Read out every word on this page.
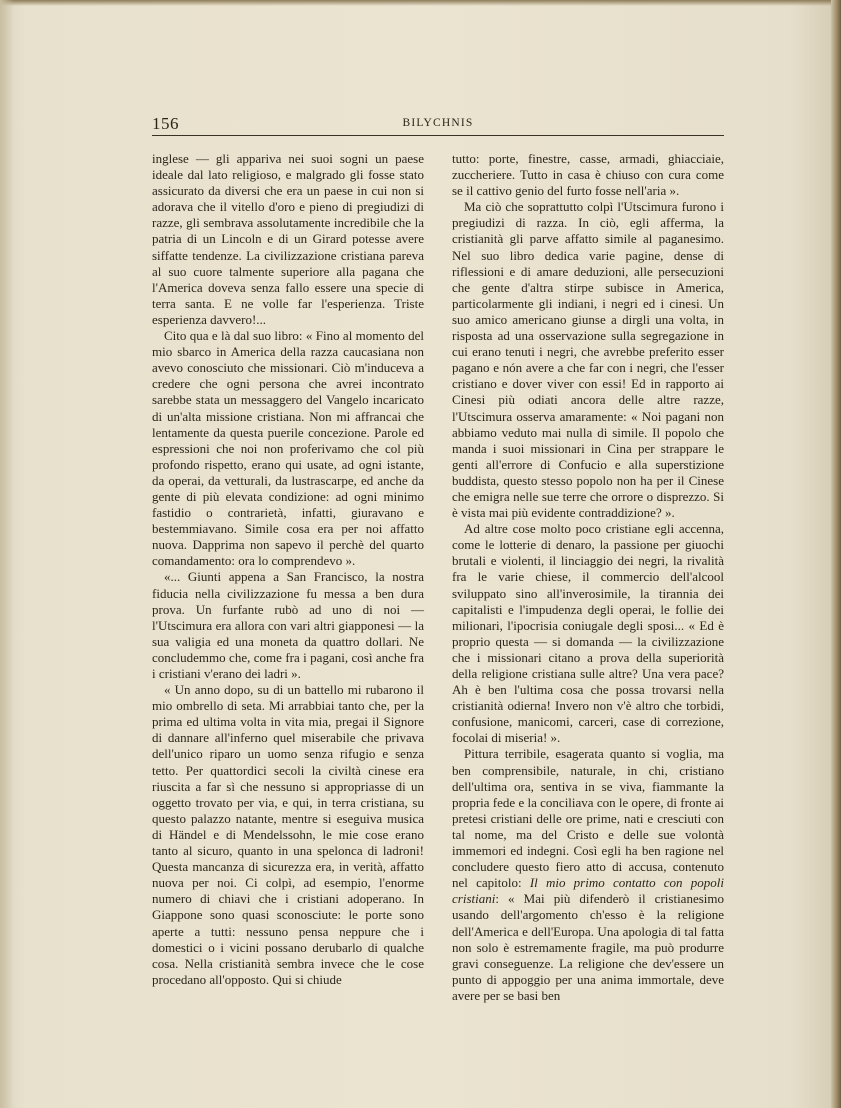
156	BILYCHNIS

inglese — gli appariva nei suoi sogni un paese ideale dal lato religioso, e malgrado gli fosse stato assicurato da diversi che era un paese in cui non si adorava che il vitello d'oro e pieno di pregiudizi di razze, gli sembrava assolutamente incredibile che la patria di un Lincoln e di un Girard potesse avere siffatte tendenze. La civilizzazione cristiana pareva al suo cuore talmente superiore alla pagana che l'America doveva senza fallo essere una specie di terra santa. E ne volle far l'esperienza. Triste esperienza davvero!...

Cito qua e là dal suo libro: « Fino al momento del mio sbarco in America della razza caucasiana non avevo conosciuto che missionari. Ciò m'induceva a credere che ogni persona che avrei incontrato sarebbe stata un messaggero del Vangelo incaricato di un'alta missione cristiana. Non mi affrancai che lentamente da questa puerile concezione. Parole ed espressioni che noi non proferivamo che col più profondo rispetto, erano qui usate, ad ogni istante, da operai, da vetturali, da lustrascarpe, ed anche da gente di più elevata condizione: ad ogni minimo fastidio o contrarietà, infatti, giuravano e bestemmiavano. Simile cosa era per noi affatto nuova. Dapprima non sapevo il perchè del quarto comandamento: ora lo comprendevo ».

«... Giunti appena a San Francisco, la nostra fiducia nella civilizzazione fu messa a ben dura prova. Un furfante rubò ad uno di noi — l'Utscimura era allora con vari altri giapponesi — la sua valigia ed una moneta da quattro dollari. Ne concludemmo che, come fra i pagani, così anche fra i cristiani v'erano dei ladri ».

« Un anno dopo, su di un battello mi rubarono il mio ombrello di seta. Mi arrabbiai tanto che, per la prima ed ultima volta in vita mia, pregai il Signore di dannare all'inferno quel miserabile che privava dell'unico riparo un uomo senza rifugio e senza tetto. Per quattordici secoli la civiltà cinese era riuscita a far sì che nessuno si appropriasse di un oggetto trovato per via, e qui, in terra cristiana, su questo palazzo natante, mentre si eseguiva musica di Händel e di Mendelssohn, le mie cose erano tanto al sicuro, quanto in una spelonca di ladroni! Questa mancanza di sicurezza era, in verità, affatto nuova per noi. Ci colpì, ad esempio, l'enorme numero di chiavi che i cristiani adoperano. In Giappone sono quasi sconosciute: le porte sono aperte a tutti: nessuno pensa neppure che i domestici o i vicini possano derubarlo di qualche cosa. Nella cristianità sembra invece che le cose procedano all'opposto. Qui si chiude

tutto: porte, finestre, casse, armadi, ghiacciaie, zuccheriere. Tutto in casa è chiuso con cura come se il cattivo genio del furto fosse nell'aria ».

Ma ciò che soprattutto colpì l'Utscimura furono i pregiudizi di razza. In ciò, egli afferma, la cristianità gli parve affatto simile al paganesimo. Nel suo libro dedica varie pagine, dense di riflessioni e di amare deduzioni, alle persecuzioni che gente d'altra stirpe subisce in America, particolarmente gli indiani, i negri ed i cinesi. Un suo amico americano giunse a dirgli una volta, in risposta ad una osservazione sulla segregazione in cui erano tenuti i negri, che avrebbe preferito esser pagano e nón avere a che far con i negri, che l'esser cristiano e dover viver con essi! Ed in rapporto ai Cinesi più odiati ancora delle altre razze, l'Utscimura osserva amaramente: « Noi pagani non abbiamo veduto mai nulla di simile. Il popolo che manda i suoi missionari in Cina per strappare le genti all'errore di Confucio e alla superstizione buddista, questo stesso popolo non ha per il Cinese che emigra nelle sue terre che orrore o disprezzo. Si è vista mai più evidente contraddizione? ».

Ad altre cose molto poco cristiane egli accenna, come le lotterie di denaro, la passione per giuochi brutali e violenti, il linciaggio dei negri, la rivalità fra le varie chiese, il commercio dell'alcool sviluppato sino all'inverosimile, la tirannia dei capitalisti e l'impudenza degli operai, le follie dei milionari, l'ipocrisia coniugale degli sposi... « Ed è proprio questa — si domanda — la civilizzazione che i missionari citano a prova della superiorità della religione cristiana sulle altre? Una vera pace? Ah è ben l'ultima cosa che possa trovarsi nella cristianità odierna! Invero non v'è altro che torbidi, confusione, manicomi, carceri, case di correzione, focolai di miseria! ».

Pittura terribile, esagerata quanto si voglia, ma ben comprensibile, naturale, in chi, cristiano dell'ultima ora, sentiva in se viva, fiammante la propria fede e la conciliava con le opere, di fronte ai pretesi cristiani delle ore prime, nati e cresciuti con tal nome, ma del Cristo e delle sue volontà immemori ed indegni. Così egli ha ben ragione nel concludere questo fiero atto di accusa, contenuto nel capitolo: Il mio primo contatto con popoli cristiani: « Mai più difenderò il cristianesimo usando dell'argomento ch'esso è la religione dell'America e dell'Europa. Una apologia di tal fatta non solo è estremamente fragile, ma può produrre gravi conseguenze. La religione che dev'essere un punto di appoggio per una anima immortale, deve avere per se basi ben
